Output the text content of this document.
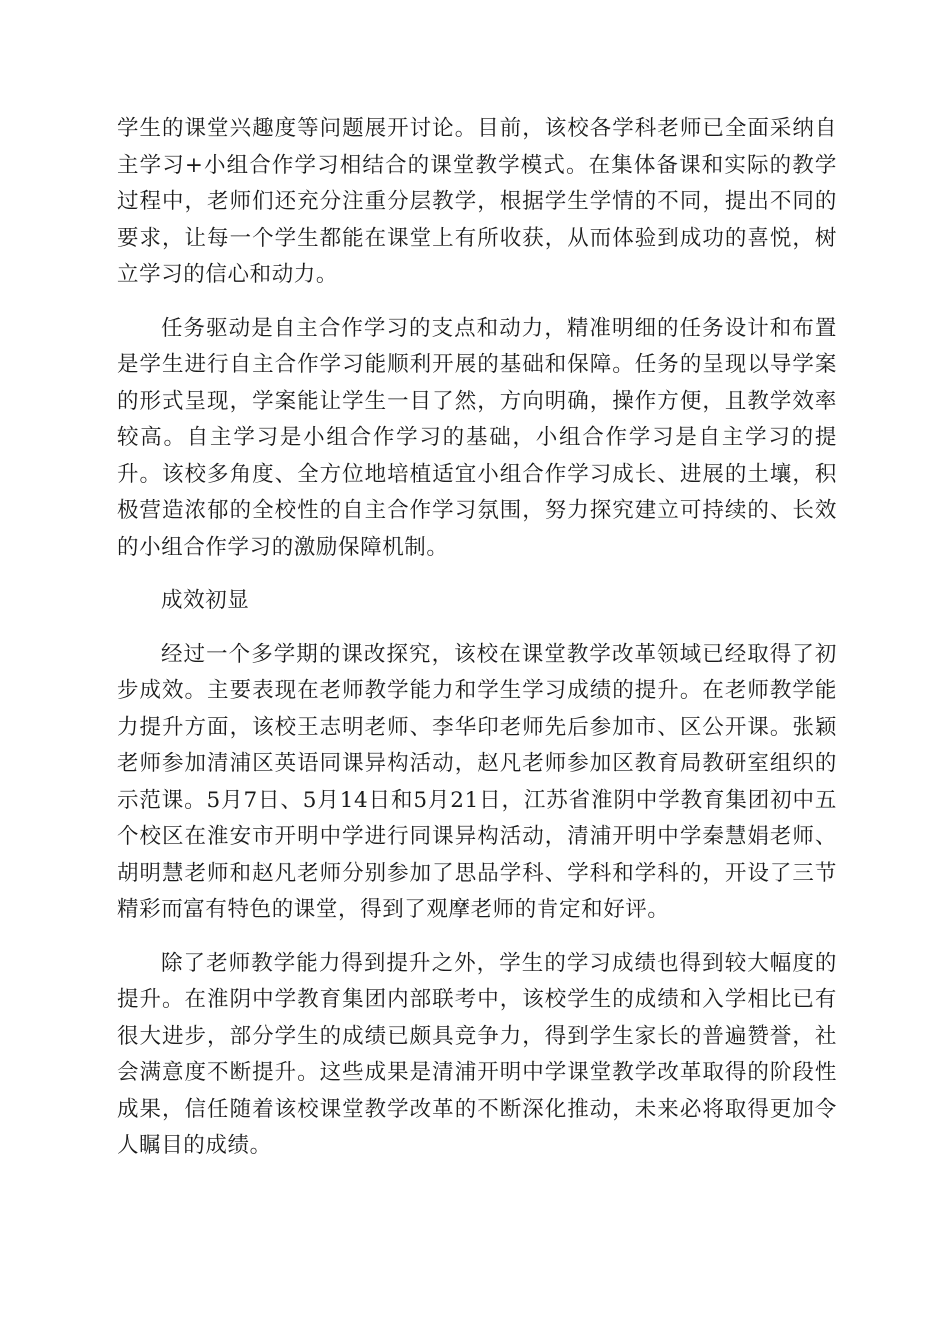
学生的课堂兴趣度等问题展开讨论。目前，该校各学科老师已全面采纳自主学习+小组合作学习相结合的课堂教学模式。在集体备课和实际的教学过程中，老师们还充分注重分层教学，根据学生学情的不同，提出不同的要求，让每一个学生都能在课堂上有所收获，从而体验到成功的喜悦，树立学习的信心和动力。

任务驱动是自主合作学习的支点和动力，精准明细的任务设计和布置是学生进行自主合作学习能顺利开展的基础和保障。任务的呈现以导学案的形式呈现，学案能让学生一目了然，方向明确，操作方便，且教学效率较高。自主学习是小组合作学习的基础，小组合作学习是自主学习的提升。该校多角度、全方位地培植适宜小组合作学习成长、进展的土壤，积极营造浓郁的全校性的自主合作学习氛围，努力探究建立可持续的、长效的小组合作学习的激励保障机制。

成效初显

经过一个多学期的课改探究，该校在课堂教学改革领域已经取得了初步成效。主要表现在老师教学能力和学生学习成绩的提升。在老师教学能力提升方面，该校王志明老师、李华印老师先后参加市、区公开课。张颖老师参加清浦区英语同课异构活动，赵凡老师参加区教育局教研室组织的示范课。5月7日、5月14日和5月21日，江苏省淮阴中学教育集团初中五个校区在淮安市开明中学进行同课异构活动，清浦开明中学秦慧娟老师、胡明慧老师和赵凡老师分别参加了思品学科、学科和学科的，开设了三节精彩而富有特色的课堂，得到了观摩老师的肯定和好评。

除了老师教学能力得到提升之外，学生的学习成绩也得到较大幅度的提升。在淮阴中学教育集团内部联考中，该校学生的成绩和入学相比已有很大进步，部分学生的成绩已颇具竞争力，得到学生家长的普遍赞誉，社会满意度不断提升。这些成果是清浦开明中学课堂教学改革取得的阶段性成果，信任随着该校课堂教学改革的不断深化推动，未来必将取得更加令人瞩目的成绩。
